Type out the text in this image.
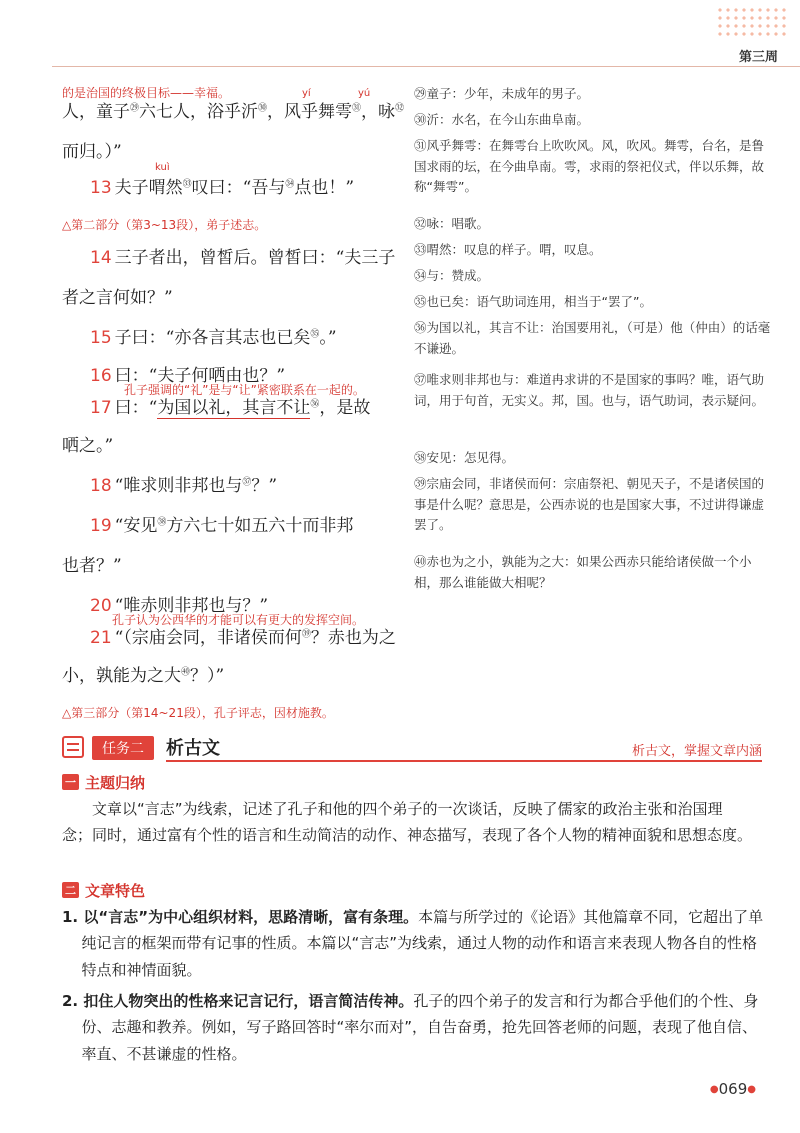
第三周
的是治国的终极目标——幸福。	yí	yú
人，童子$^㉙$六七人，浴乎沂$^㉚$，风乎舞雩$^㉛$，咏$^㉜$
而归。）”
kuì
13 夫子喟然$^㉝$叹曰：“吾与$^㉞$点也！”
△第二部分（第3~13段），弟子述志。
14 三子者出，曾皙后。曾皙曰：“夫三子
者之言何如？”
15 子曰：“亦各言其志也已矣$^㉟$。”
16 曰：“夫子何哂由也？”
孔子强调的“礼”是与“让”紧密联系在一起的。
17 曰：“为国以礼，其言不让$^㊱$，是故
哂之。”
18 “唯求则非邦也与$^㊲$？”
19 “安见$^㊳$方六七十如五六十而非邦
也者？”
20 “唯赤则非邦也与？”
孔子认为公西华的才能可以有更大的发挥空间。
21 “（宗庙会同，非诸侯而何$^㊴$？赤也为之
小，孰能为之大$^㊵$？）”
△第三部分（第14~21段），孔子评志，因材施教。
㉙童子：少年，未成年的男子。
㉚沂：水名，在今山东曲阜南。
㉛风乎舞雩：在舞雩台上吹吹风。风，吹风。舞雩，台名，是鲁国求雨的坛，在今曲阜南。雩，求雨的祭祀仪式，伴以乐舞，故称“舞雩”。
㉜咏：唱歌。
㉝喟然：叹息的样子。喟，叹息。
㉞与：赞成。
㉟也已矣：语气助词连用，相当于“罢了”。
㊱为国以礼，其言不让：治国要用礼，（可是）他（仲由）的话毫不谦逊。
㊲唯求则非邦也与：难道冉求讲的不是国家的事吗？唯，语气助词，用于句首，无实义。邦，国。也与，语气助词，表示疑问。
㊳安见：怎见得。
㊴宗庙会同，非诸侯而何：宗庙祭祀、朝见天子，不是诸侯国的事是什么呢？意思是，公西赤说的也是国家大事，不过讲得谦虚罢了。
㊵赤也为之小，孰能为之大：如果公西赤只能给诸侯做一个小相，那么谁能做大相呢？
任务二	析古文	析古文，掌握文章内涵
一 主题归纳
文章以“言志”为线索，记述了孔子和他的四个弟子的一次谈话，反映了儒家的政治主张和治国理念；同时，通过富有个性的语言和生动简洁的动作、神态描写，表现了各个人物的精神面貌和思想态度。
二 文章特色
1. 以“言志”为中心组织材料，思路清晰，富有条理。本篇与所学过的《论语》其他篇章不同，它超出了单纯记言的框架而带有记事的性质。本篇以“言志”为线索，通过人物的动作和语言来表现人物各自的性格特点和神情面貌。
2. 扣住人物突出的性格来记言记行，语言简洁传神。孔子的四个弟子的发言和行为都合乎他们的个性、身份、志趣和教养。例如，写子路回答时“率尔而对”，自告奋勇，抢先回答老师的问题，表现了他自信、率直、不甚谦虚的性格。
●069●
